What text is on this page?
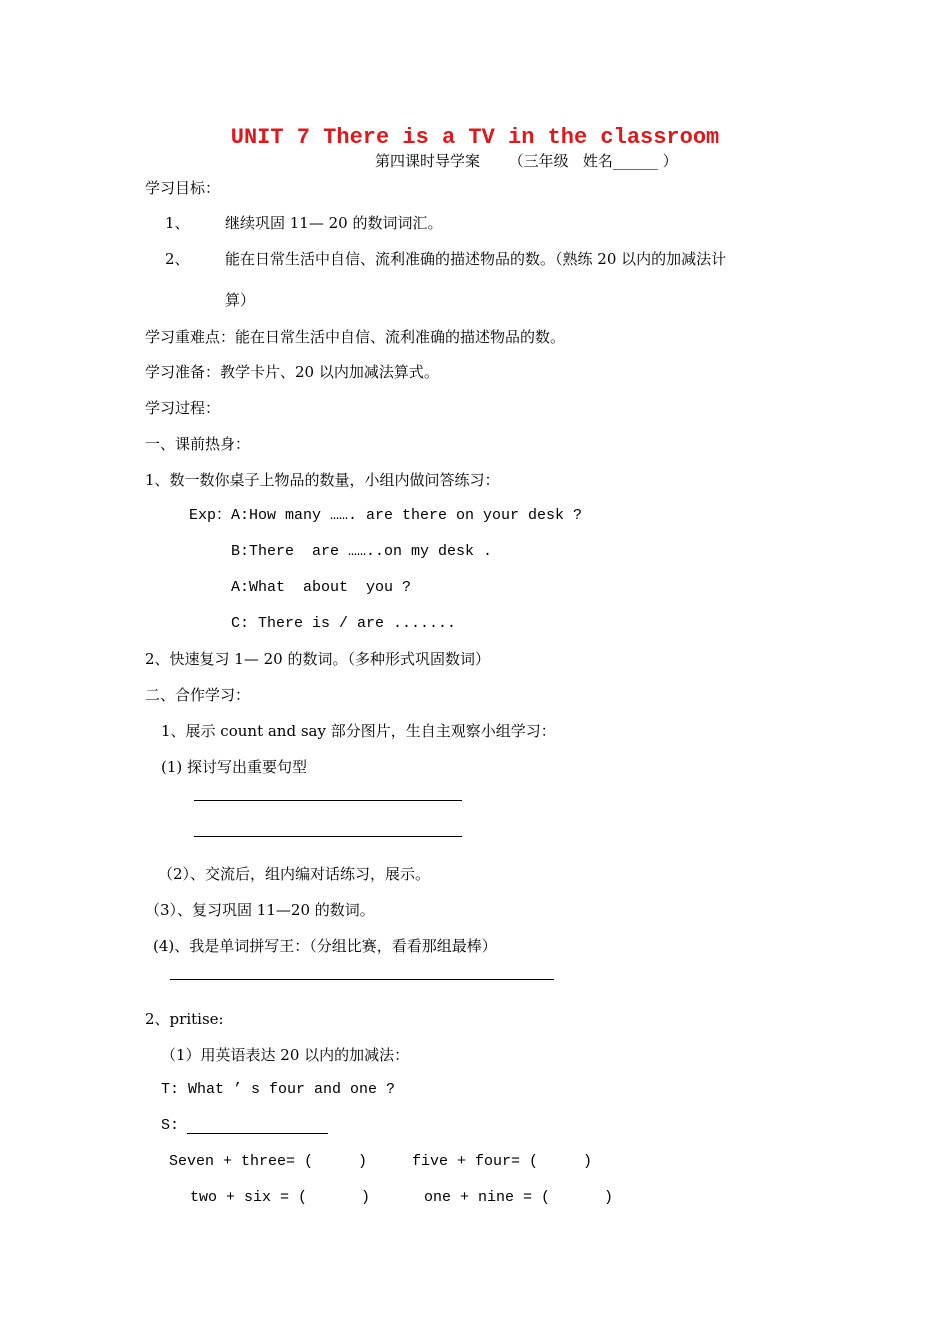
UNIT 7 There is a TV in the classroom
第四课时导学案      （三年级   姓名______ ）
学习目标：
1、 继续巩固 11— 20 的数词词汇。
2、 能在日常生活中自信、流利准确的描述物品的数。（熟练 20 以内的加减法计
算）
学习重难点：能在日常生活中自信、流利准确的描述物品的数。
学习准备：教学卡片、20 以内加减法算式。
学习过程：
一、课前热身：
1、数一数你桌子上物品的数量，小组内做问答练习：
Exp：A:How many ……. are there on your desk ?
B:There  are ……..on my desk .
A:What  about  you ?
C: There is / are .......
2、快速复习 1— 20 的数词。（多种形式巩固数词）
二、合作学习：
1、展示 count and say 部分图片，生自主观察小组学习：
(1) 探讨写出重要句型
（2）、交流后，组内编对话练习，展示。
（3）、复习巩固 11—20 的数词。
(4)、我是单词拼写王：（分组比赛，看看那组最棒）
2、pritise:
（1）用英语表达 20 以内的加减法：
T: What ’ s four and one ?
S:
Seven + three= (     )	five + four= (     )
two + six = (      )	one + nine = (      )
